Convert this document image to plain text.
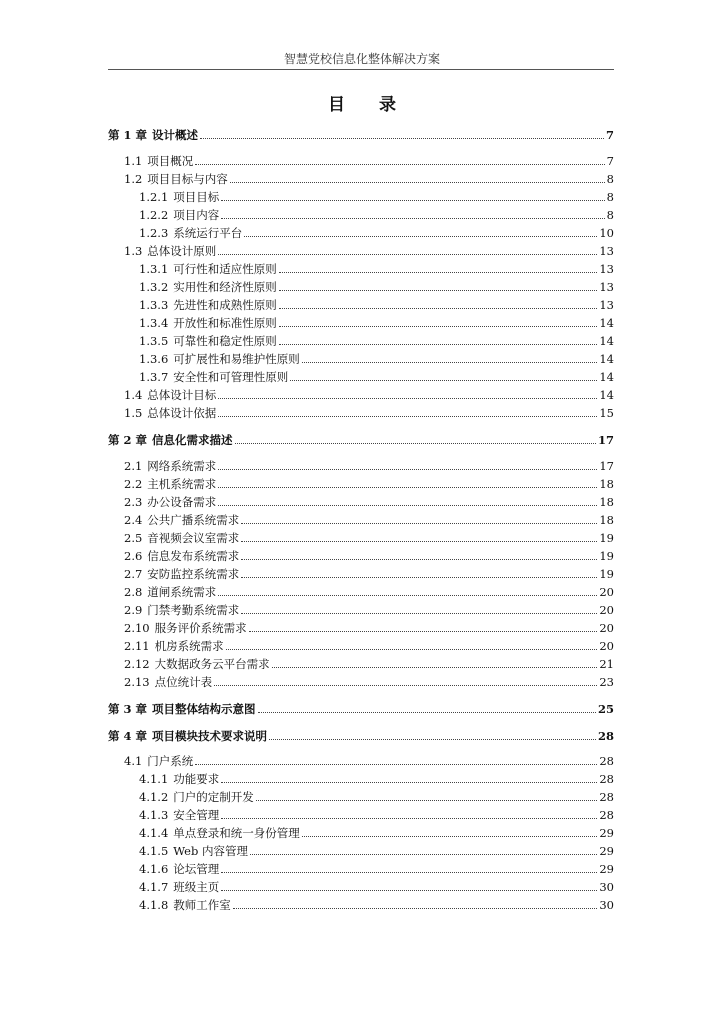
智慧党校信息化整体解决方案
目 录
第 1 章 设计概述	7
1.1 项目概况	7
1.2 项目目标与内容	8
1.2.1 项目目标	8
1.2.2 项目内容	8
1.2.3 系统运行平台	10
1.3 总体设计原则	13
1.3.1 可行性和适应性原则	13
1.3.2 实用性和经济性原则	13
1.3.3 先进性和成熟性原则	13
1.3.4 开放性和标准性原则	14
1.3.5 可靠性和稳定性原则	14
1.3.6 可扩展性和易维护性原则	14
1.3.7 安全性和可管理性原则	14
1.4 总体设计目标	14
1.5 总体设计依据	15
第 2 章 信息化需求描述	17
2.1 网络系统需求	17
2.2 主机系统需求	18
2.3 办公设备需求	18
2.4 公共广播系统需求	18
2.5 音视频会议室需求	19
2.6 信息发布系统需求	19
2.7 安防监控系统需求	19
2.8 道闸系统需求	20
2.9 门禁考勤系统需求	20
2.10 服务评价系统需求	20
2.11 机房系统需求	20
2.12 大数据政务云平台需求	21
2.13 点位统计表	23
第 3 章 项目整体结构示意图	25
第 4 章 项目模块技术要求说明	28
4.1 门户系统	28
4.1.1 功能要求	28
4.1.2 门户的定制开发	28
4.1.3 安全管理	28
4.1.4 单点登录和统一身份管理	29
4.1.5 Web 内容管理	29
4.1.6 论坛管理	29
4.1.7 班级主页	30
4.1.8 教师工作室	30
